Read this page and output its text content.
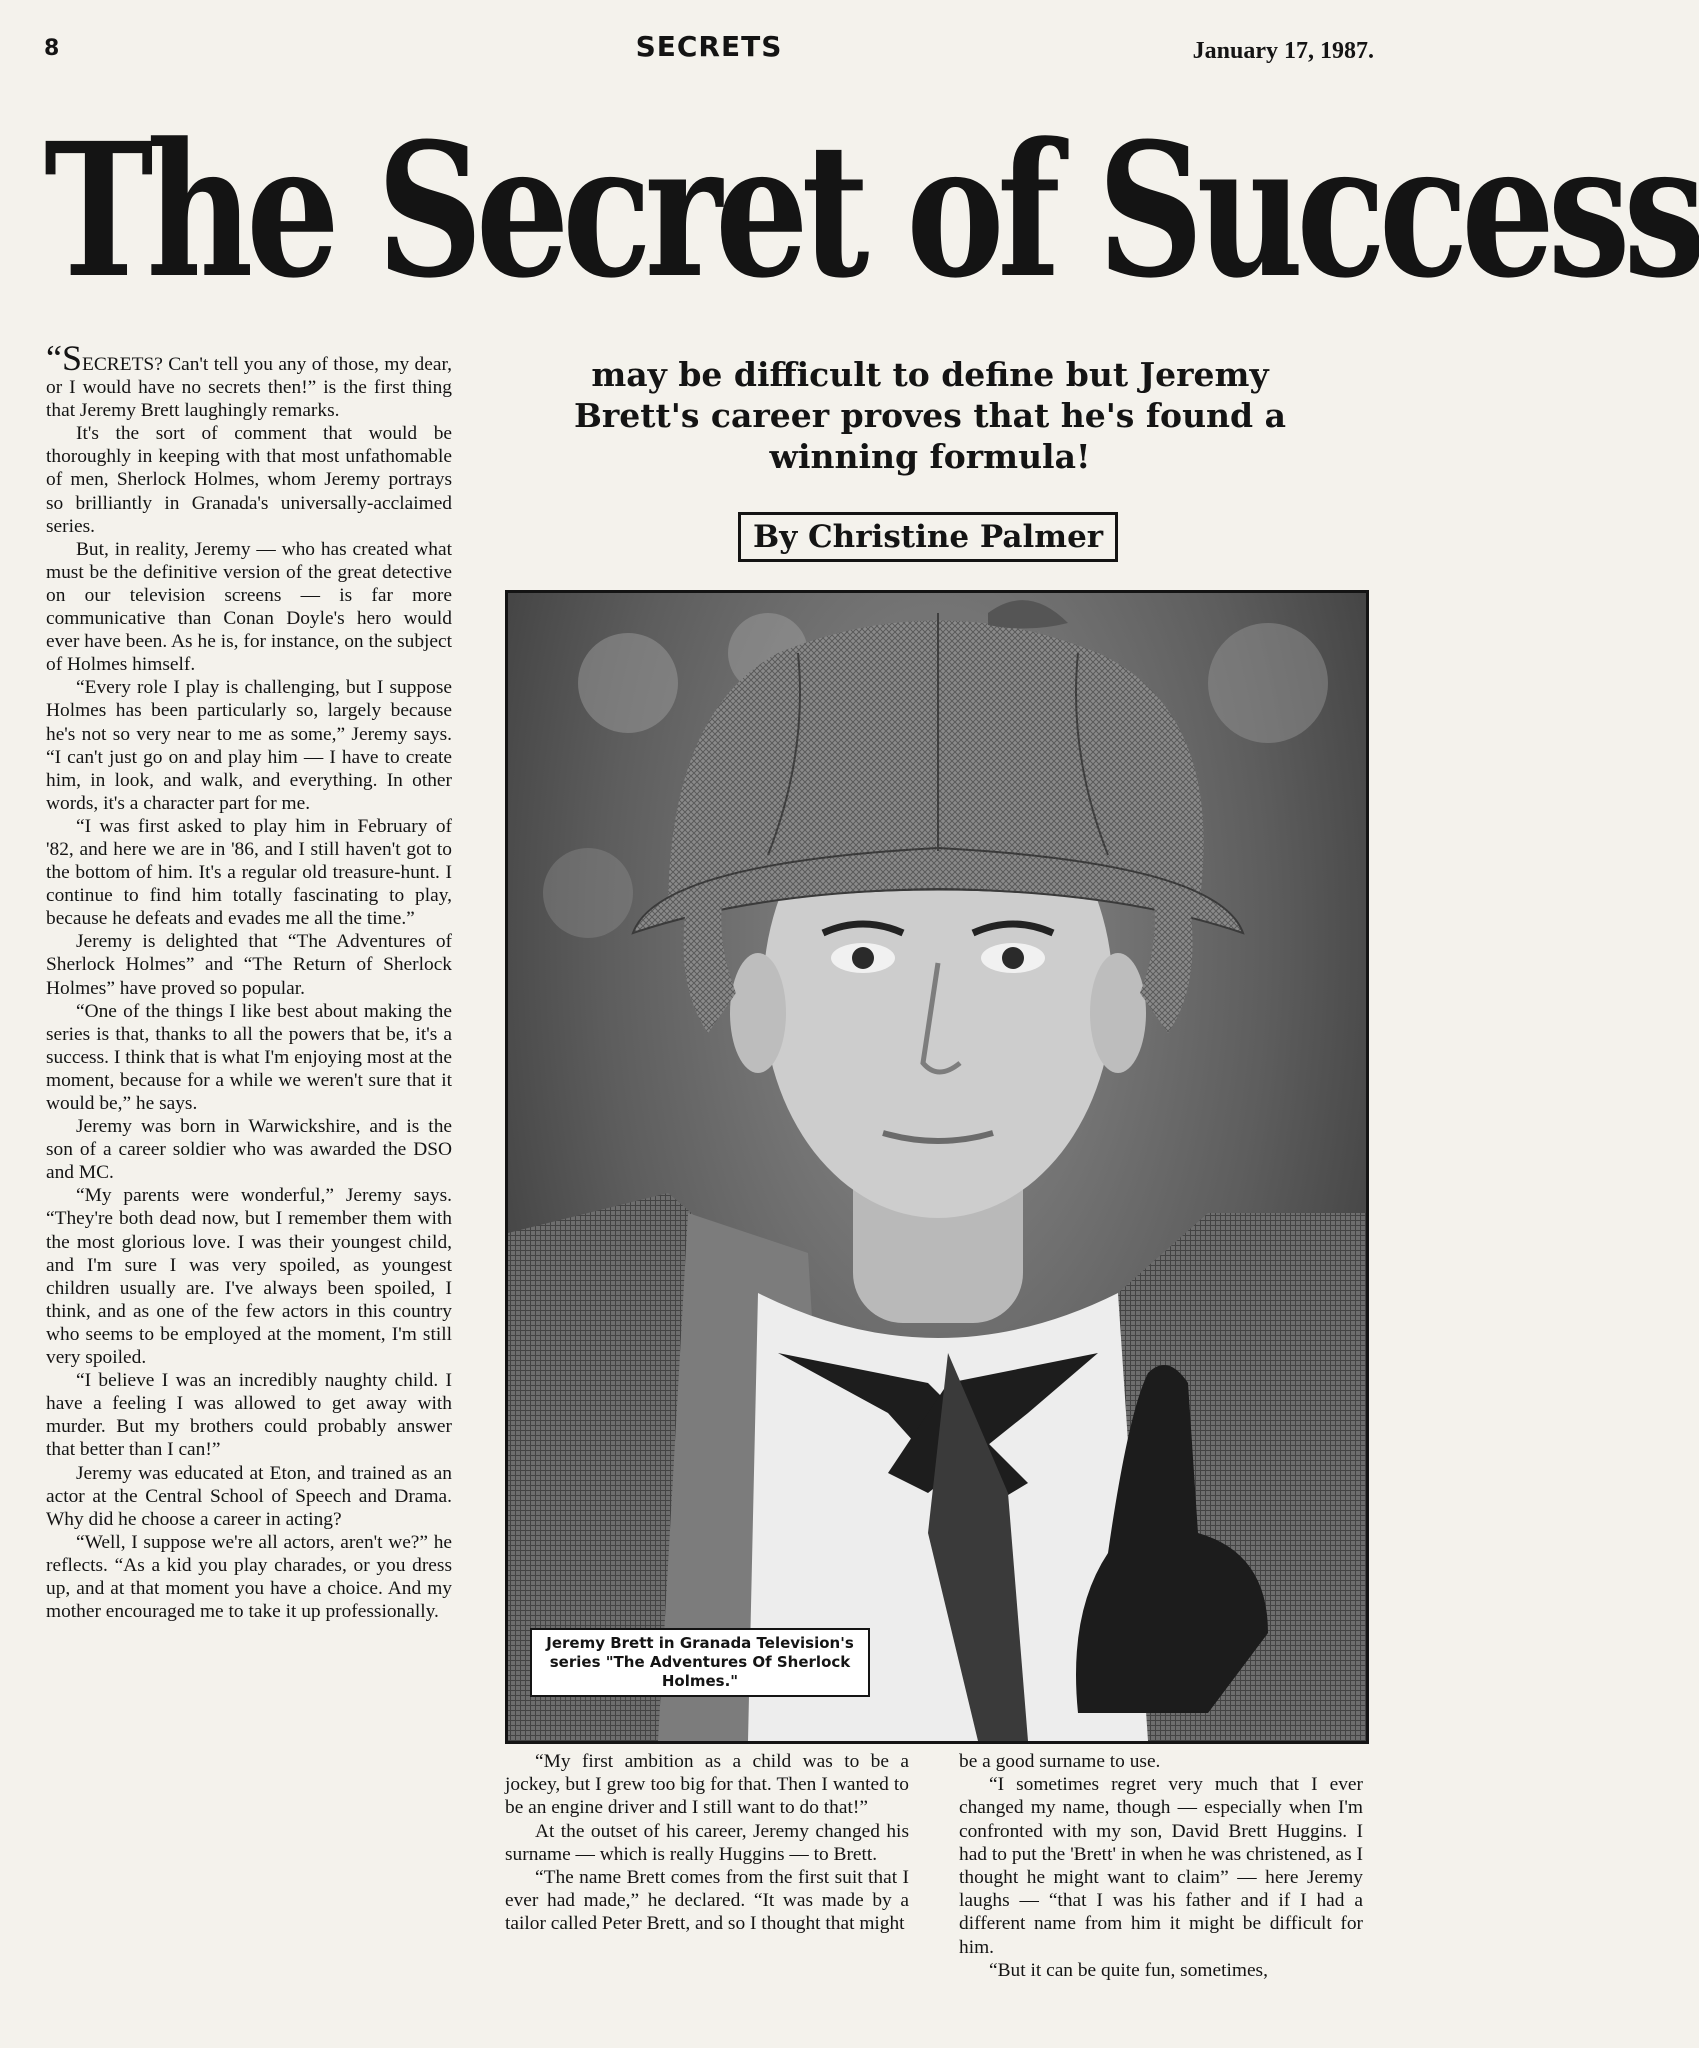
8	SECRETS	January 17, 1987.
The Secret of Success

“SECRETS? Can't tell you any of those, my dear, or I would have no secrets then!” is the first thing that Jeremy Brett laughingly remarks.

It's the sort of comment that would be thoroughly in keeping with that most unfathomable of men, Sherlock Holmes, whom Jeremy portrays so brilliantly in Granada's universally-acclaimed series.

But, in reality, Jeremy — who has created what must be the definitive version of the great detective on our television screens — is far more communicative than Conan Doyle's hero would ever have been. As he is, for instance, on the subject of Holmes himself.

“Every role I play is challenging, but I suppose Holmes has been particularly so, largely because he's not so very near to me as some,” Jeremy says. “I can't just go on and play him — I have to create him, in look, and walk, and everything. In other words, it's a character part for me.

“I was first asked to play him in February of '82, and here we are in '86, and I still haven't got to the bottom of him. It's a regular old treasure-hunt. I continue to find him totally fascinating to play, because he defeats and evades me all the time.”

Jeremy is delighted that “The Adventures of Sherlock Holmes” and “The Return of Sherlock Holmes” have proved so popular.

“One of the things I like best about making the series is that, thanks to all the powers that be, it's a success. I think that is what I'm enjoying most at the moment, because for a while we weren't sure that it would be,” he says.

Jeremy was born in Warwickshire, and is the son of a career soldier who was awarded the DSO and MC.

“My parents were wonderful,” Jeremy says. “They're both dead now, but I remember them with the most glorious love. I was their youngest child, and I'm sure I was very spoiled, as youngest children usually are. I've always been spoiled, I think, and as one of the few actors in this country who seems to be employed at the moment, I'm still very spoiled.

“I believe I was an incredibly naughty child. I have a feeling I was allowed to get away with murder. But my brothers could probably answer that better than I can!”

Jeremy was educated at Eton, and trained as an actor at the Central School of Speech and Drama. Why did he choose a career in acting?

“Well, I suppose we're all actors, aren't we?” he reflects. “As a kid you play charades, or you dress up, and at that moment you have a choice. And my mother encouraged me to take it up professionally.

may be difficult to define but Jeremy Brett's career proves that he's found a winning formula!
By Christine Palmer
Jeremy Brett in Granada Television's series "The Adventures Of Sherlock Holmes."

“My first ambition as a child was to be a jockey, but I grew too big for that. Then I wanted to be an engine driver and I still want to do that!”

At the outset of his career, Jeremy changed his surname — which is really Huggins — to Brett.

“The name Brett comes from the first suit that I ever had made,” he declared. “It was made by a tailor called Peter Brett, and so I thought that might

be a good surname to use.

“I sometimes regret very much that I ever changed my name, though — especially when I'm confronted with my son, David Brett Huggins. I had to put the 'Brett' in when he was christened, as I thought he might want to claim” — here Jeremy laughs — “that I was his father and if I had a different name from him it might be difficult for him.

“But it can be quite fun, sometimes,
